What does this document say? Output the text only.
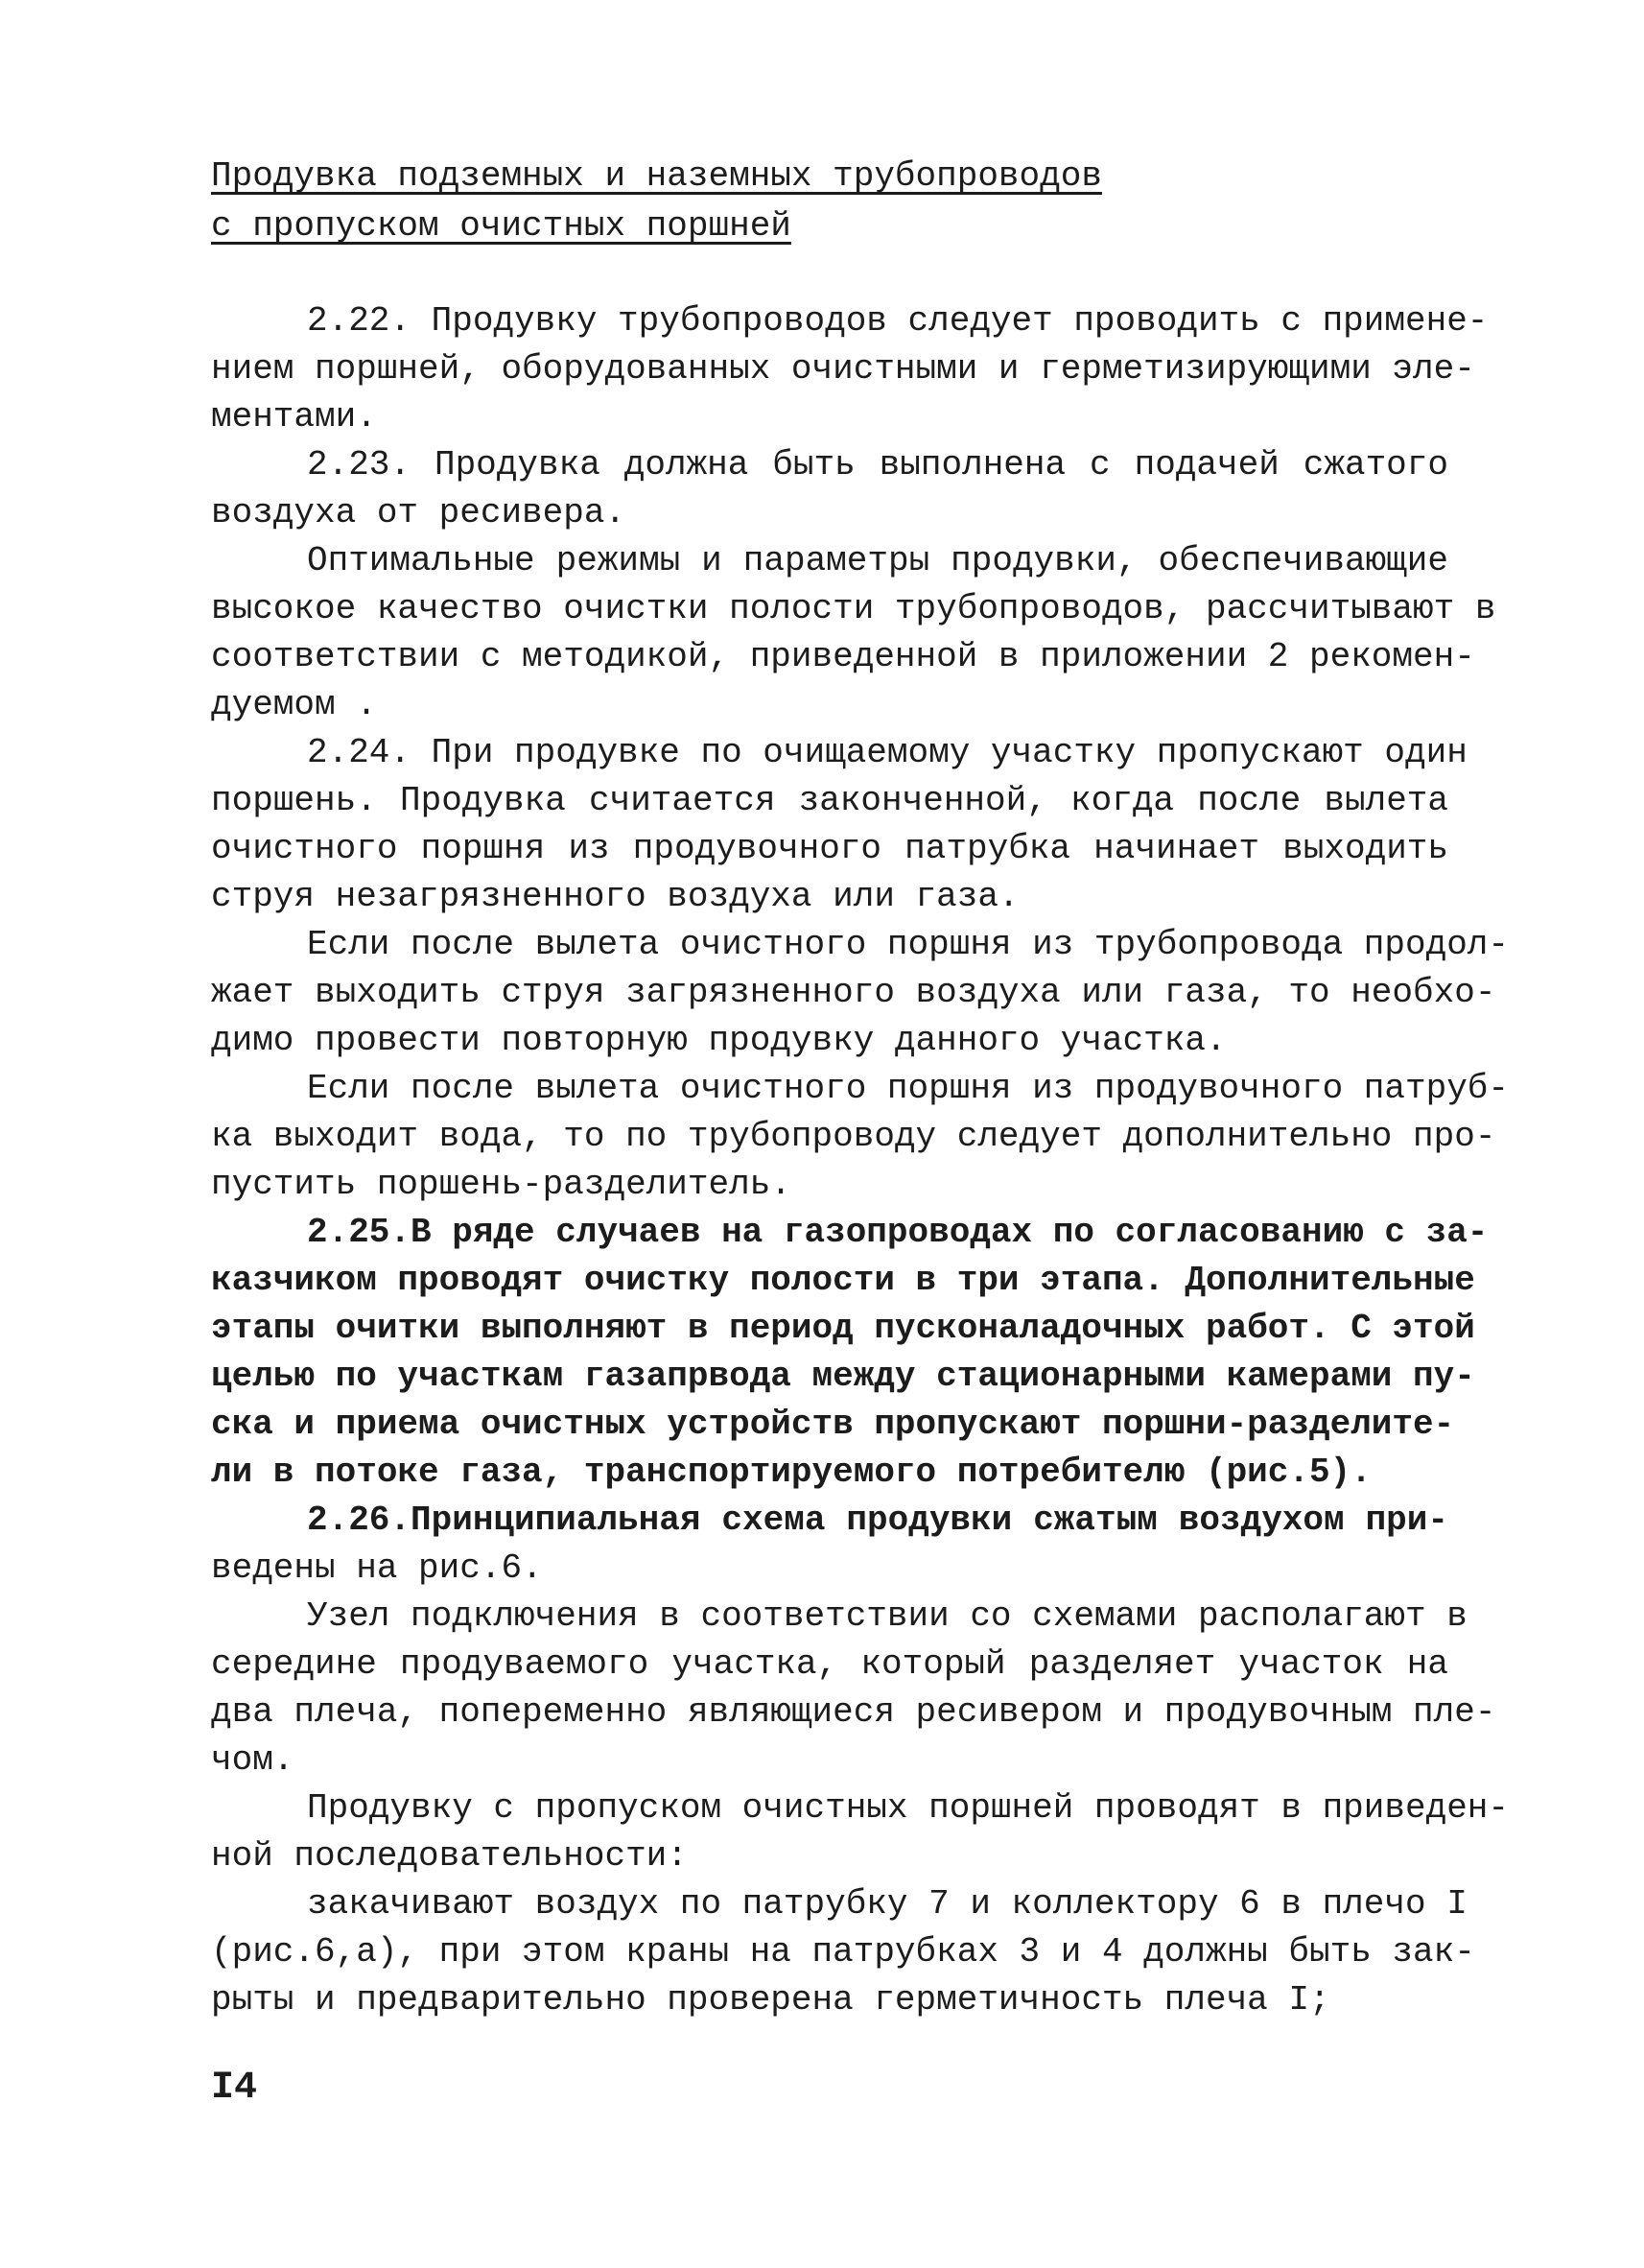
Продувка подземных и наземных трубопроводов
с пропуском очистных поршней
2.22. Продувку трубопроводов следует проводить с примене-
нием поршней, оборудованных очистными и герметизирующими эле-
ментами.
2.23. Продувка должна быть выполнена с подачей сжатого
воздуха от ресивера.
Оптимальные режимы и параметры продувки, обеспечивающие
высокое качество очистки полости трубопроводов, рассчитывают в
соответствии с методикой, приведенной в приложении 2 рекомен-
дуемом .
2.24. При продувке по очищаемому участку пропускают один
поршень. Продувка считается законченной, когда после вылета
очистного поршня из продувочного патрубка начинает выходить
струя незагрязненного воздуха или газа.
Если после вылета очистного поршня из трубопровода продол-
жает выходить струя загрязненного воздуха или газа, то необхо-
димо провести повторную продувку данного участка.
Если после вылета очистного поршня из продувочного патруб-
ка выходит вода, то по трубопроводу следует дополнительно про-
пустить поршень-разделитель.
2.25.В ряде случаев на газопроводах по согласованию с за-
казчиком проводят очистку полости в три этапа. Дополнительные
этапы очитки выполняют в период пусконаладочных работ. С этой
целью по участкам газапрвода между стационарными камерами пу-
ска и приема очистных устройств пропускают поршни-разделите-
ли в потоке газа, транспортируемого потребителю (рис.5).
2.26.Принципиальная схема продувки сжатым воздухом при-
ведены на рис.6.
Узел подключения в соответствии со схемами располагают в
середине продуваемого участка, который разделяет участок на
два плеча, попеременно являющиеся ресивером и продувочным пле-
чом.
Продувку с пропуском очистных поршней проводят в приведен-
ной последовательности:
закачивают воздух по патрубку 7 и коллектору 6 в плечо I
(рис.6,а), при этом краны на патрубках 3 и 4 должны быть зак-
рыты и предварительно проверена герметичность плеча I;
I4
